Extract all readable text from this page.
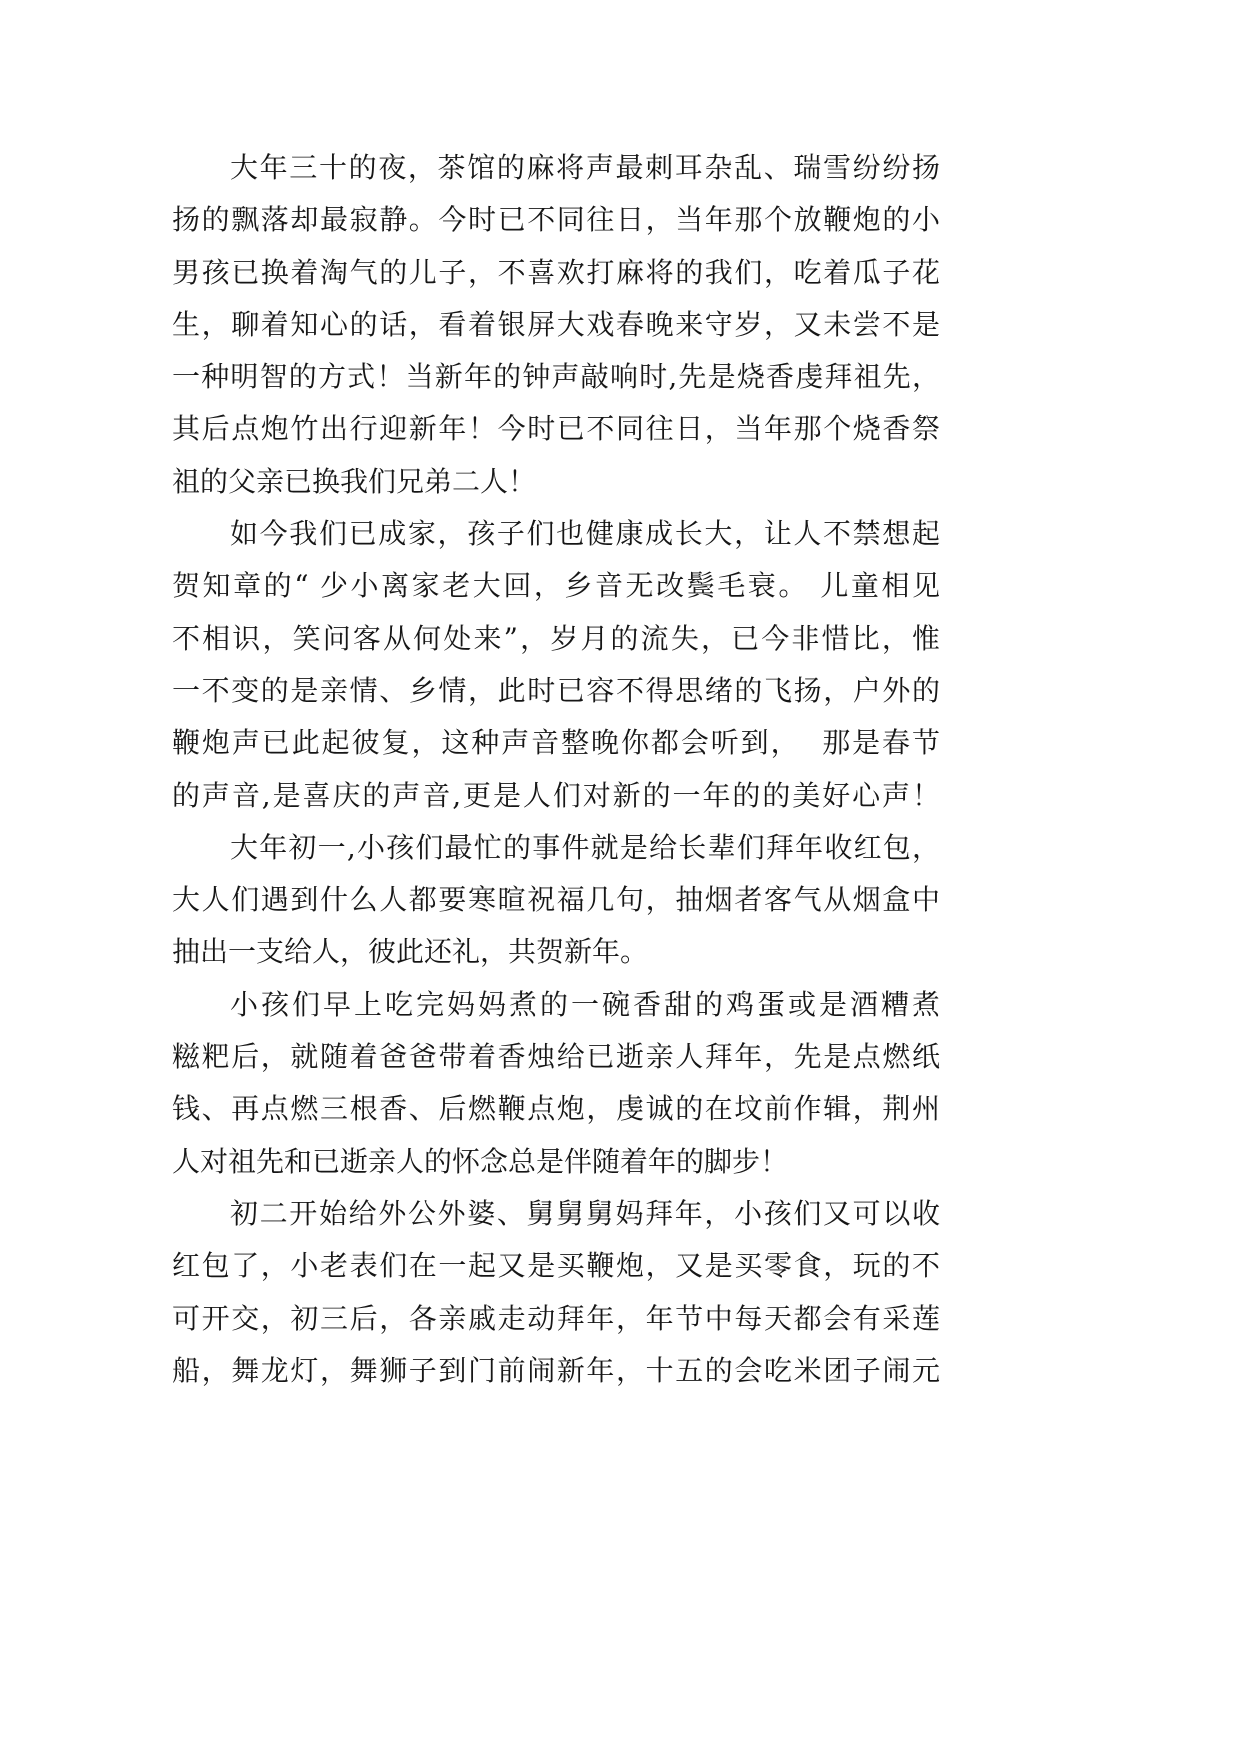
大年三十的夜，茶馆的麻将声最刺耳杂乱、瑞雪纷纷扬
扬的飘落却最寂静。今时已不同往日，当年那个放鞭炮的小
男孩已换着淘气的儿子，不喜欢打麻将的我们，吃着瓜子花
生，聊着知心的话，看着银屏大戏春晚来守岁，又未尝不是
一种明智的方式！当新年的钟声敲响时,先是烧香虔拜祖先，
其后点炮竹出行迎新年！今时已不同往日，当年那个烧香祭
祖的父亲已换我们兄弟二人！
如今我们已成家，孩子们也健康成长大，让人不禁想起
贺知章的“ 少小离家老大回，乡音无改鬓毛衰。 儿童相见
不相识，笑问客从何处来”，岁月的流失，已今非惜比，惟
一不变的是亲情、乡情，此时已容不得思绪的飞扬，户外的
鞭炮声已此起彼复，这种声音整晚你都会听到，  那是春节
的声音,是喜庆的声音,更是人们对新的一年的的美好心声！
大年初一,小孩们最忙的事件就是给长辈们拜年收红包，
大人们遇到什么人都要寒暄祝福几句，抽烟者客气从烟盒中
抽出一支给人，彼此还礼，共贺新年。
小孩们早上吃完妈妈煮的一碗香甜的鸡蛋或是酒糟煮
糍粑后，就随着爸爸带着香烛给已逝亲人拜年，先是点燃纸
钱、再点燃三根香、后燃鞭点炮，虔诚的在坟前作辑，荆州
人对祖先和已逝亲人的怀念总是伴随着年的脚步！
初二开始给外公外婆、舅舅舅妈拜年，小孩们又可以收
红包了，小老表们在一起又是买鞭炮，又是买零食，玩的不
可开交，初三后，各亲戚走动拜年，年节中每天都会有采莲
船，舞龙灯，舞狮子到门前闹新年，十五的会吃米团子闹元
